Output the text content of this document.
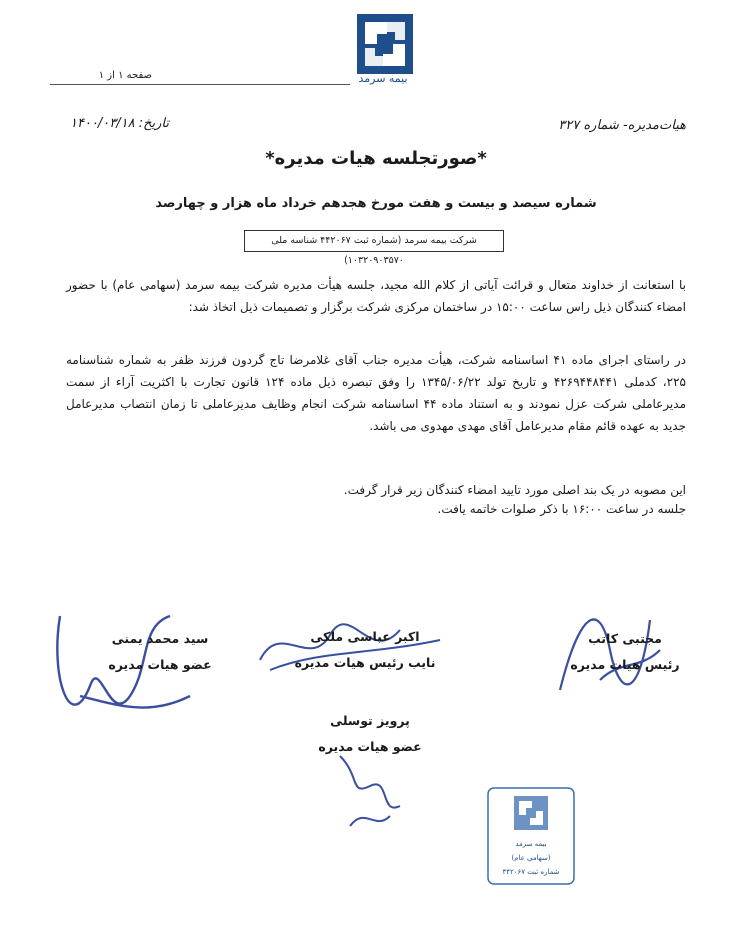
بیمه سرمد
صفحه ۱ از ۱
تاریخ: ۱۴۰۰/۰۳/۱۸	هیات‌مدیره- شماره ۳۲۷
*صورتجلسه هیات مدیره*
شماره سیصد و بیست و هفت مورخ هجدهم خرداد ماه هزار و چهارصد
شرکت بیمه سرمد (شماره ثبت ۴۴۲۰۶۷ شناسه ملی ۱۰۳۲۰۹۰۳۵۷۰)
با استعانت از خداوند متعال و قرائت آیاتی از کلام الله مجید، جلسه هیأت مدیره شرکت بیمه سرمد (سهامی عام) با حضور امضاء کنندگان ذیل راس ساعت ۱۵:۰۰ در ساختمان مرکزی شرکت برگزار و تصمیمات ذیل اتخاذ شد:
در راستای اجرای ماده ۴۱ اساسنامه شرکت، هیأت مدیره جناب آقای غلامرضا تاج گردون فرزند ظفر به شماره شناسنامه ۲۲۵، کدملی ۴۲۶۹۴۴۸۴۴۱ و تاریخ تولد ۱۳۴۵/۰۶/۲۲ را وفق تبصره ذیل ماده ۱۲۴ قانون تجارت با اکثریت آراء از سمت مدیرعاملی شرکت عزل نمودند و به استناد ماده ۴۴ اساسنامه شرکت انجام وظایف مدیرعاملی تا زمان انتصاب مدیرعامل جدید به عهده قائم مقام مدیرعامل آقای مهدی مهدوی می باشد.
این مصوبه در یک بند اصلی مورد تایید امضاء کنندگان زیر قرار گرفت.
جلسه در ساعت ۱۶:۰۰ با ذکر صلوات خاتمه یافت.
مجتبی کاتب
رئیس هیات مدیره
اکبر عباسی ملکی
نایب رئیس هیات مدیره
سید محمد یمنی
عضو هیات مدیره
پرویز توسلی
عضو هیات مدیره
بیمه سرمد
(سهامی عام)
شماره ثبت ۴۴۲۰۶۷
